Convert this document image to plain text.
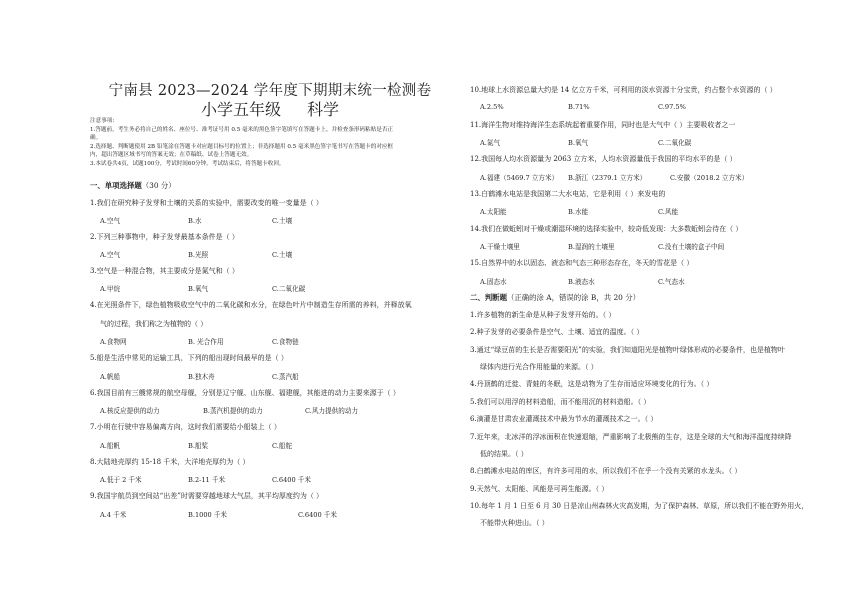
宁南县 2023—2024 学年度下期期末统一检测卷
小学五年级 科学
注意事项:
1.答题前，考生务必将自己的姓名、座位号、准考证号用 0.5 毫米的黑色签字笔填写在答题卡上，并检查条形码粘贴是否正
确。
2.选择题、判断题使用 2B 铅笔涂在答题卡对应题目标号的位置上；非选择题用 0.5 毫米黑色签字笔书写在答题卡的对应框
内，超出答题区域书写的答案无效；在草稿纸、试卷上答题无效。
3.本试卷共4页，试题100分，考试时间60分钟。考试结束后，将答题卡收回。
一、单项选择题（30 分）
1.我们在研究种子发芽和土壤的关系的实验中，需要改变的唯一变量是（ ）
A.空气	B.水	C.土壤
2.下列三种事物中，种子发芽最基本条件是（ ）
A.空气	B.光照	C.土壤
3.空气是一种混合物，其主要成分是氮气和（ ）
A.甲烷	B.氧气	C.二氧化碳
4.在光照条件下，绿色植物吸收空气中的二氧化碳和水分，在绿色叶片中制造生存所需的养料，并释放氧
气的过程，我们称之为植物的（ ）
A.食物网	B. 光合作用	C.食物链
5.船是生活中常见的运输工具，下列的船出现时间最早的是（ ）
A.帆船	B.独木舟	C.蒸汽船
6.我国目前有三艘常规的航空母舰，分别是辽宁舰、山东舰、福建舰，其能进的动力主要来源于（ ）
A.核反应提供的动力	B.蒸汽机提供的动力	C.风力提供的动力
7.小明在行驶中容易偏离方向，这时我们需要给小船装上（ ）
A.船帆	B.船桨	C.船舵
8.大陆地壳厚约 15-18 千米，大洋地壳厚约为（ ）
A.低于 2 千米	B.2-11 千米	C.6400 千米
9.我国宇航员到空间站“出差”时需要穿越地球大气层，其平均厚度约为（ ）
A.4 千米	B.1000 千米	C.6400 千米
10.地球上水资源总量大约是 14 亿立方千米，可利用的淡水资源十分宝贵，约占整个水资源的（ ）
A.2.5%	B.71%	C.97.5%
11.海洋生物对维持海洋生态系统起着重要作用，同时也是大气中（ ）主要吸收者之一
A.氮气	B.氧气	C.二氧化碳
12.我国每人均水资源量为 2063 立方米，人均水资源量低于我国的平均水平的是（ ）
A.福建（5469.7 立方米） B.浙江（2379.1 立方米）	C.安徽（2018.2 立方米）
13.白鹤滩水电站是我国第二大水电站，它是利用（ ）来发电的
A.太阳能	B.水能	C.风能
14.我们在做蚯蚓对干燥或潮湿环境的选择实验中，较奇低发现：大多数蚯蚓会待在（ ）
A.干燥土壤里	B.湿润的土壤里	C.没有土壤的盒子中间
15.自然界中的水以固态、液态和气态三种形态存在，冬天的雪花是（ ）
A.固态水	B.液态水	C.气态水
二、判断题（正确的涂 A，错误的涂 B，共 20 分）
1.许多植物的新生命是从种子发芽开始的。（ ）
2.种子发芽的必要条件是空气、土壤、适宜的温度。（ ）
3.通过“绿豆苗的生长是否需要阳光”的实验，我们知道阳光是植物叶绿体形成的必要条件，也是植物叶
绿体内进行光合作用能量的来源。（ ）
4.丹顶鹤的迁徙、青蛙的冬眠，这是动物为了生存而适应环境变化的行为。（ ）
5.我们可以用浮的材料造船，而不能用沉的材料造船。（ ）
6.滴灌是甘肃农业灌溉技术中最为节水的灌溉技术之一。（ ）
7.近年来，北冰洋的浮冰面积在快速退缩，严重影响了北极熊的生存，这是全球的大气和海洋温度持续降
低的结果。（ ）
8.白鹤滩水电站的库区，有许多可用的水，所以我们不在乎一个没有关紧的水龙头。（ ）
9.天然气、太阳能、风能是可再生能源。（ ）
10.每年 1 月 1 日至 6 月 30 日是凉山州森林火灾高发期，为了保护森林、草原，所以我们不能在野外用火，
不能带火种进山。（ ）
